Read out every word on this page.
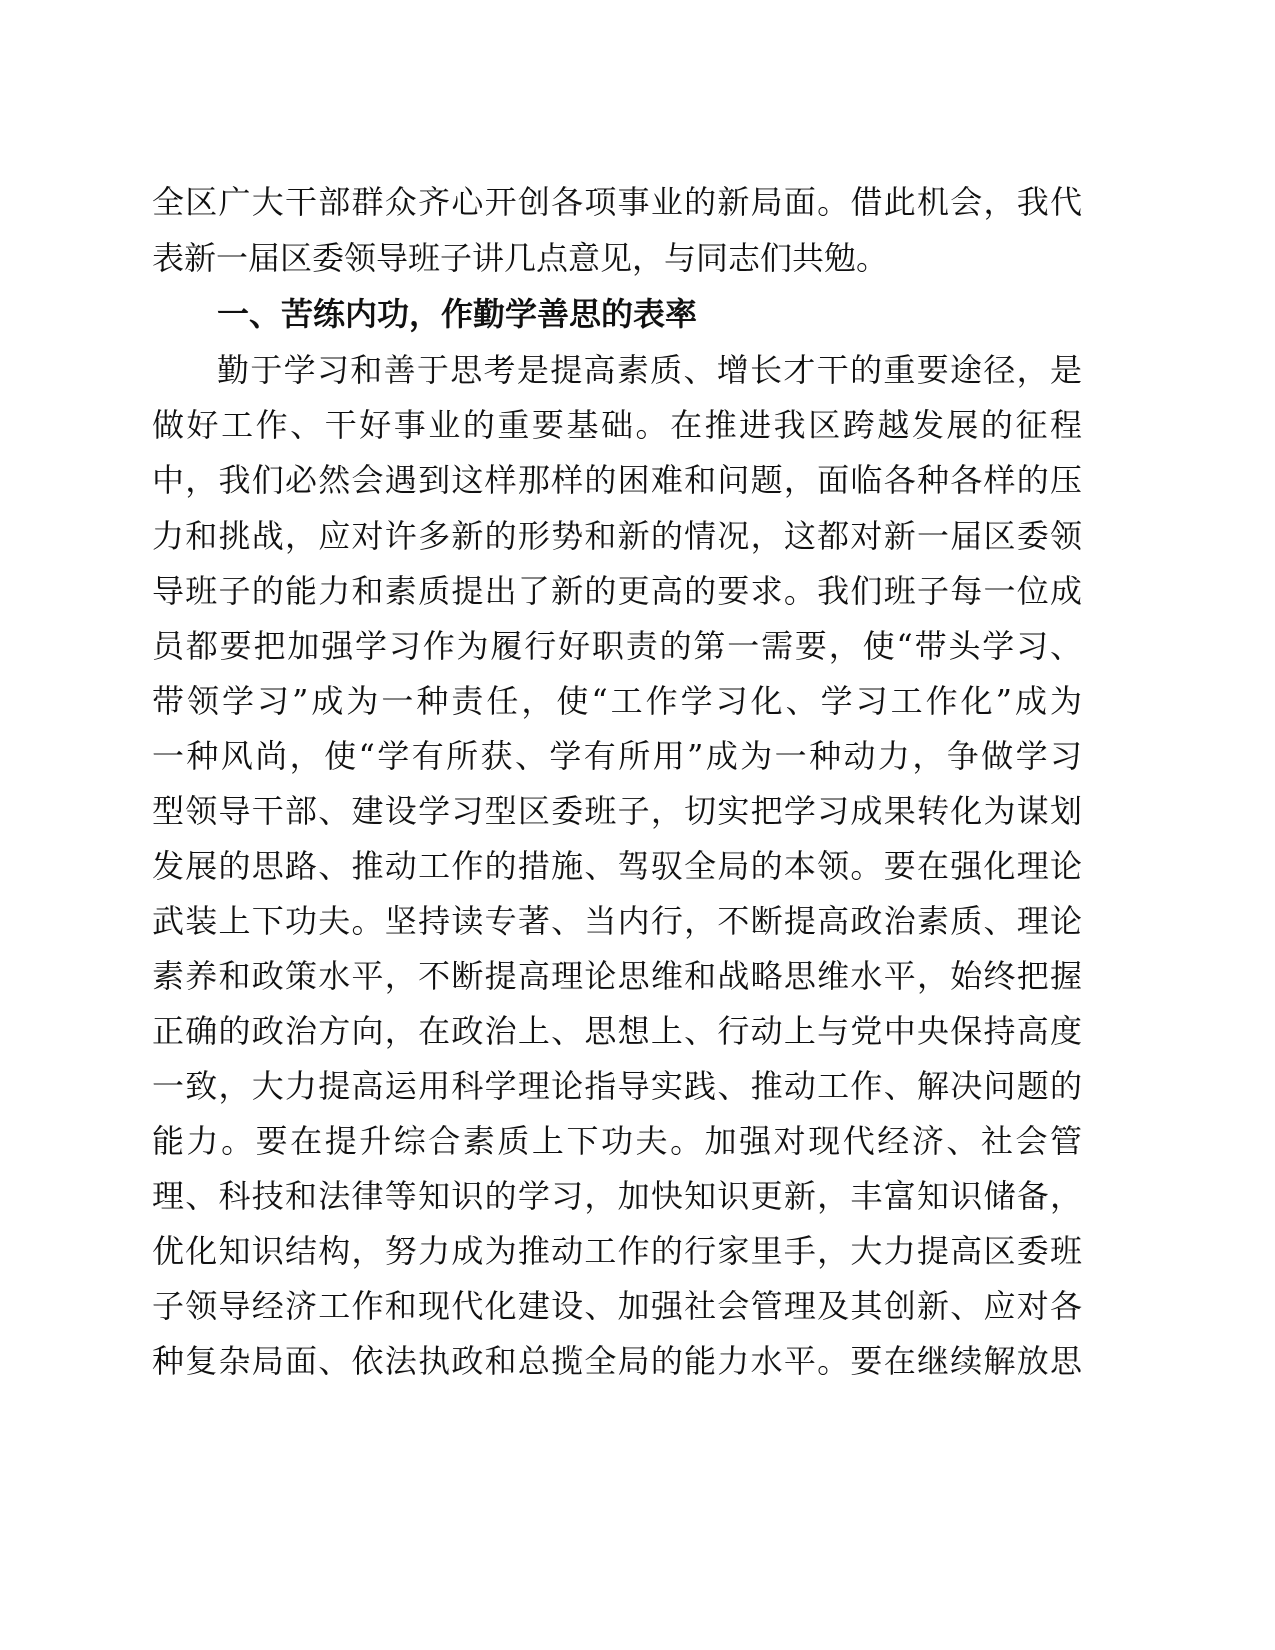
全区广大干部群众齐心开创各项事业的新局面。借此机会，我代
表新一届区委领导班子讲几点意见，与同志们共勉。
一、苦练内功，作勤学善思的表率
勤于学习和善于思考是提高素质、增长才干的重要途径，是
做好工作、干好事业的重要基础。在推进我区跨越发展的征程
中，我们必然会遇到这样那样的困难和问题，面临各种各样的压
力和挑战，应对许多新的形势和新的情况，这都对新一届区委领
导班子的能力和素质提出了新的更高的要求。我们班子每一位成
员都要把加强学习作为履行好职责的第一需要，使“带头学习、
带领学习”成为一种责任，使“工作学习化、学习工作化”成为
一种风尚，使“学有所获、学有所用”成为一种动力，争做学习
型领导干部、建设学习型区委班子，切实把学习成果转化为谋划
发展的思路、推动工作的措施、驾驭全局的本领。要在强化理论
武装上下功夫。坚持读专著、当内行，不断提高政治素质、理论
素养和政策水平，不断提高理论思维和战略思维水平，始终把握
正确的政治方向，在政治上、思想上、行动上与党中央保持高度
一致，大力提高运用科学理论指导实践、推动工作、解决问题的
能力。要在提升综合素质上下功夫。加强对现代经济、社会管
理、科技和法律等知识的学习，加快知识更新，丰富知识储备，
优化知识结构，努力成为推动工作的行家里手，大力提高区委班
子领导经济工作和现代化建设、加强社会管理及其创新、应对各
种复杂局面、依法执政和总揽全局的能力水平。要在继续解放思
